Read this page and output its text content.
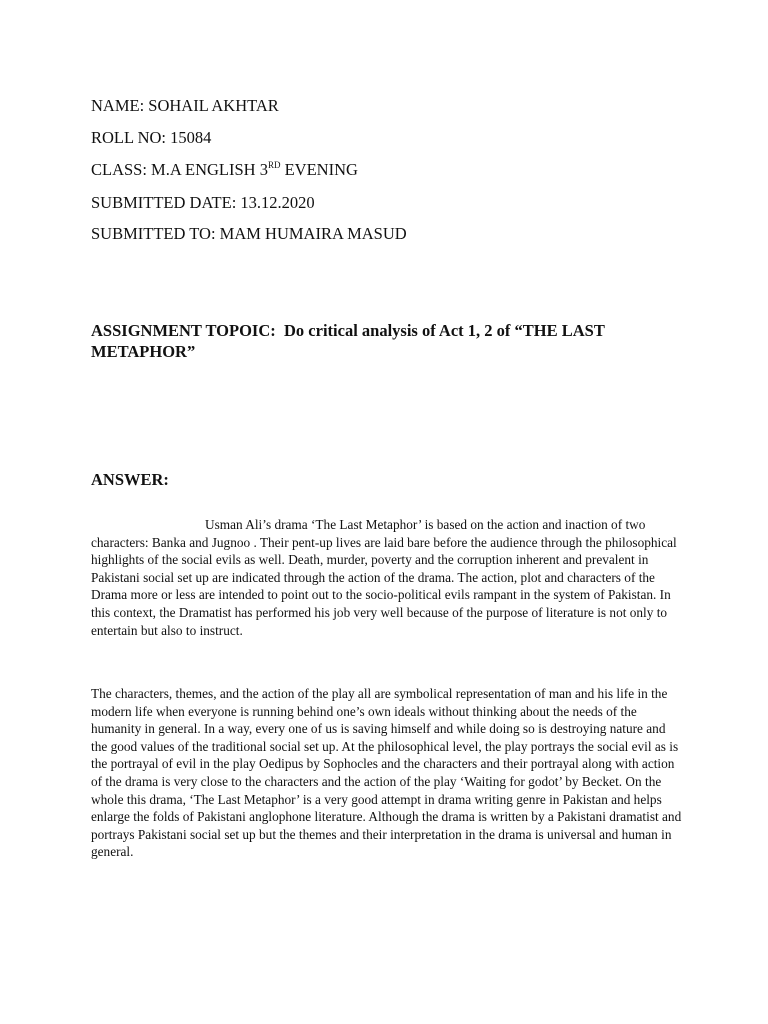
NAME: SOHAIL AKHTAR

ROLL NO: 15084

CLASS: M.A ENGLISH 3RD EVENING

SUBMITTED DATE: 13.12.2020

SUBMITTED TO: MAM HUMAIRA MASUD

ASSIGNMENT TOPOIC: Do critical analysis of Act 1, 2 of “THE LAST METAPHOR”

ANSWER:

Usman Ali’s drama ‘The Last Metaphor’ is based on the action and inaction of two characters: Banka and Jugnoo . Their pent-up lives are laid bare before the audience through the philosophical highlights of the social evils as well. Death, murder, poverty and the corruption inherent and prevalent in Pakistani social set up are indicated through the action of the drama. The action, plot and characters of the Drama more or less are intended to point out to the socio-political evils rampant in the system of Pakistan. In this context, the Dramatist has performed his job very well because of the purpose of literature is not only to entertain but also to instruct.

The characters, themes, and the action of the play all are symbolical representation of man and his life in the modern life when everyone is running behind one’s own ideals without thinking about the needs of the humanity in general. In a way, every one of us is saving himself and while doing so is destroying nature and the good values of the traditional social set up. At the philosophical level, the play portrays the social evil as is the portrayal of evil in the play Oedipus by Sophocles and the characters and their portrayal along with action of the drama is very close to the characters and the action of the play ‘Waiting for godot’ by Becket. On the whole this drama, ‘The Last Metaphor’ is a very good attempt in drama writing genre in Pakistan and helps enlarge the folds of Pakistani anglophone literature. Although the drama is written by a Pakistani dramatist and portrays Pakistani social set up but the themes and their interpretation in the drama is universal and human in general.
